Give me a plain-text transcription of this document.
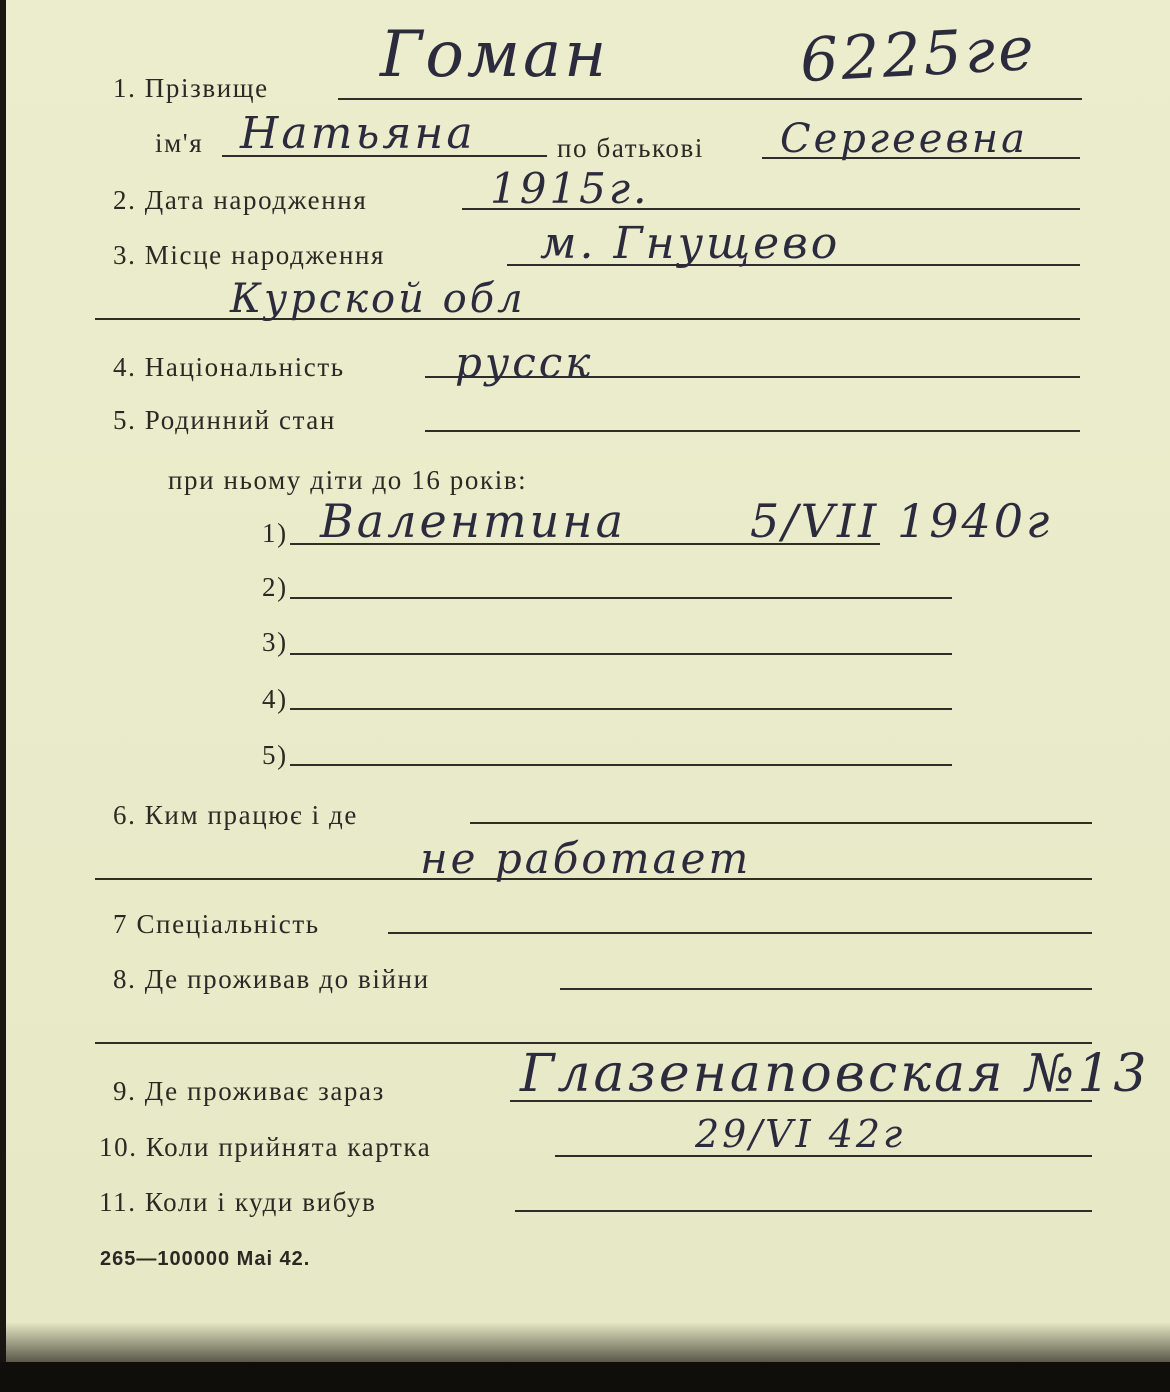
6225ге
1. Прізвище Гоман
ім'я Натьяна	по батькові Сергеевна
2. Дата народження	1915г.
3. Місце народження	м. Гнущево
Курской обл
4. Національність	русск
5. Родинний стан
при ньому діти до 16 років:
1) Валентина	5/VII 1940г
2)
3)
4)
5)
6. Ким працює і де
не работает
7 Спеціальність
8. Де проживав до війни
9. Де проживає зараз	Глазенаповская №13
10. Коли прийнята картка	29/VI 42г
11. Коли і куди вибув
265—100000 Mai 42.
